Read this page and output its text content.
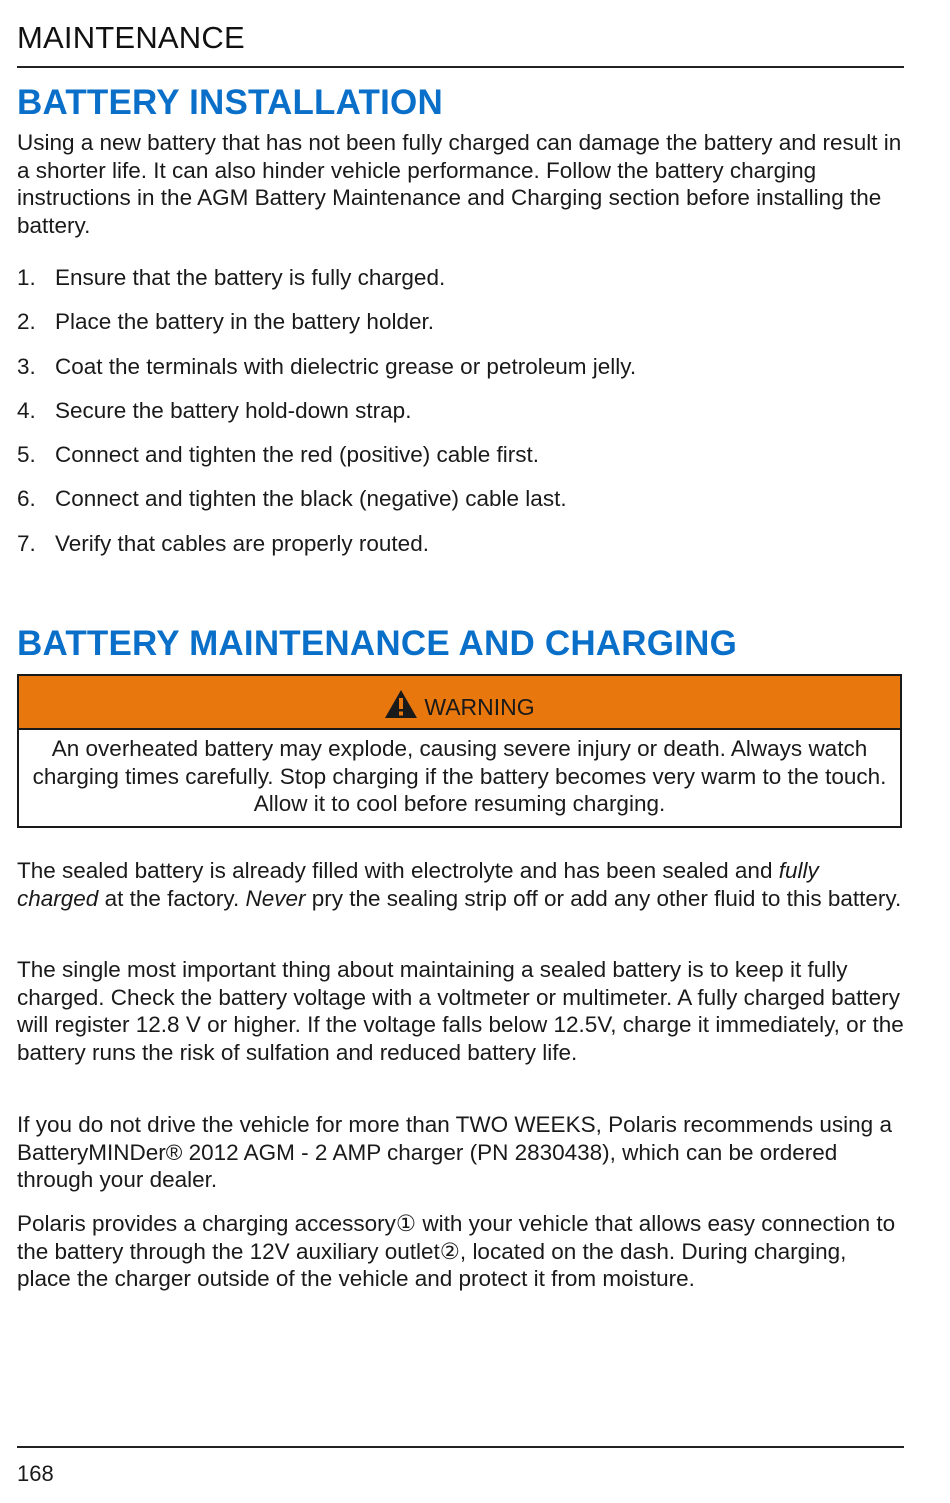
MAINTENANCE
BATTERY INSTALLATION

Using a new battery that has not been fully charged can damage the battery and result in a shorter life. It can also hinder vehicle performance. Follow the battery charging instructions in the AGM Battery Maintenance and Charging section before installing the battery.

1. Ensure that the battery is fully charged.
2. Place the battery in the battery holder.
3. Coat the terminals with dielectric grease or petroleum jelly.
4. Secure the battery hold-down strap.
5. Connect and tighten the red (positive) cable first.
6. Connect and tighten the black (negative) cable last.
7. Verify that cables are properly routed.
BATTERY MAINTENANCE AND CHARGING
WARNING

An overheated battery may explode, causing severe injury or death. Always watch charging times carefully. Stop charging if the battery becomes very warm to the touch. Allow it to cool before resuming charging.

The sealed battery is already filled with electrolyte and has been sealed and fully charged at the factory. Never pry the sealing strip off or add any other fluid to this battery.

The single most important thing about maintaining a sealed battery is to keep it fully charged. Check the battery voltage with a voltmeter or multimeter. A fully charged battery will register 12.8 V or higher. If the voltage falls below 12.5V, charge it immediately, or the battery runs the risk of sulfation and reduced battery life.

If you do not drive the vehicle for more than TWO WEEKS, Polaris recommends using a BatteryMINDer® 2012 AGM - 2 AMP charger (PN 2830438), which can be ordered through your dealer.

Polaris provides a charging accessory① with your vehicle that allows easy connection to the battery through the 12V auxiliary outlet②, located on the dash. During charging, place the charger outside of the vehicle and protect it from moisture.

168
